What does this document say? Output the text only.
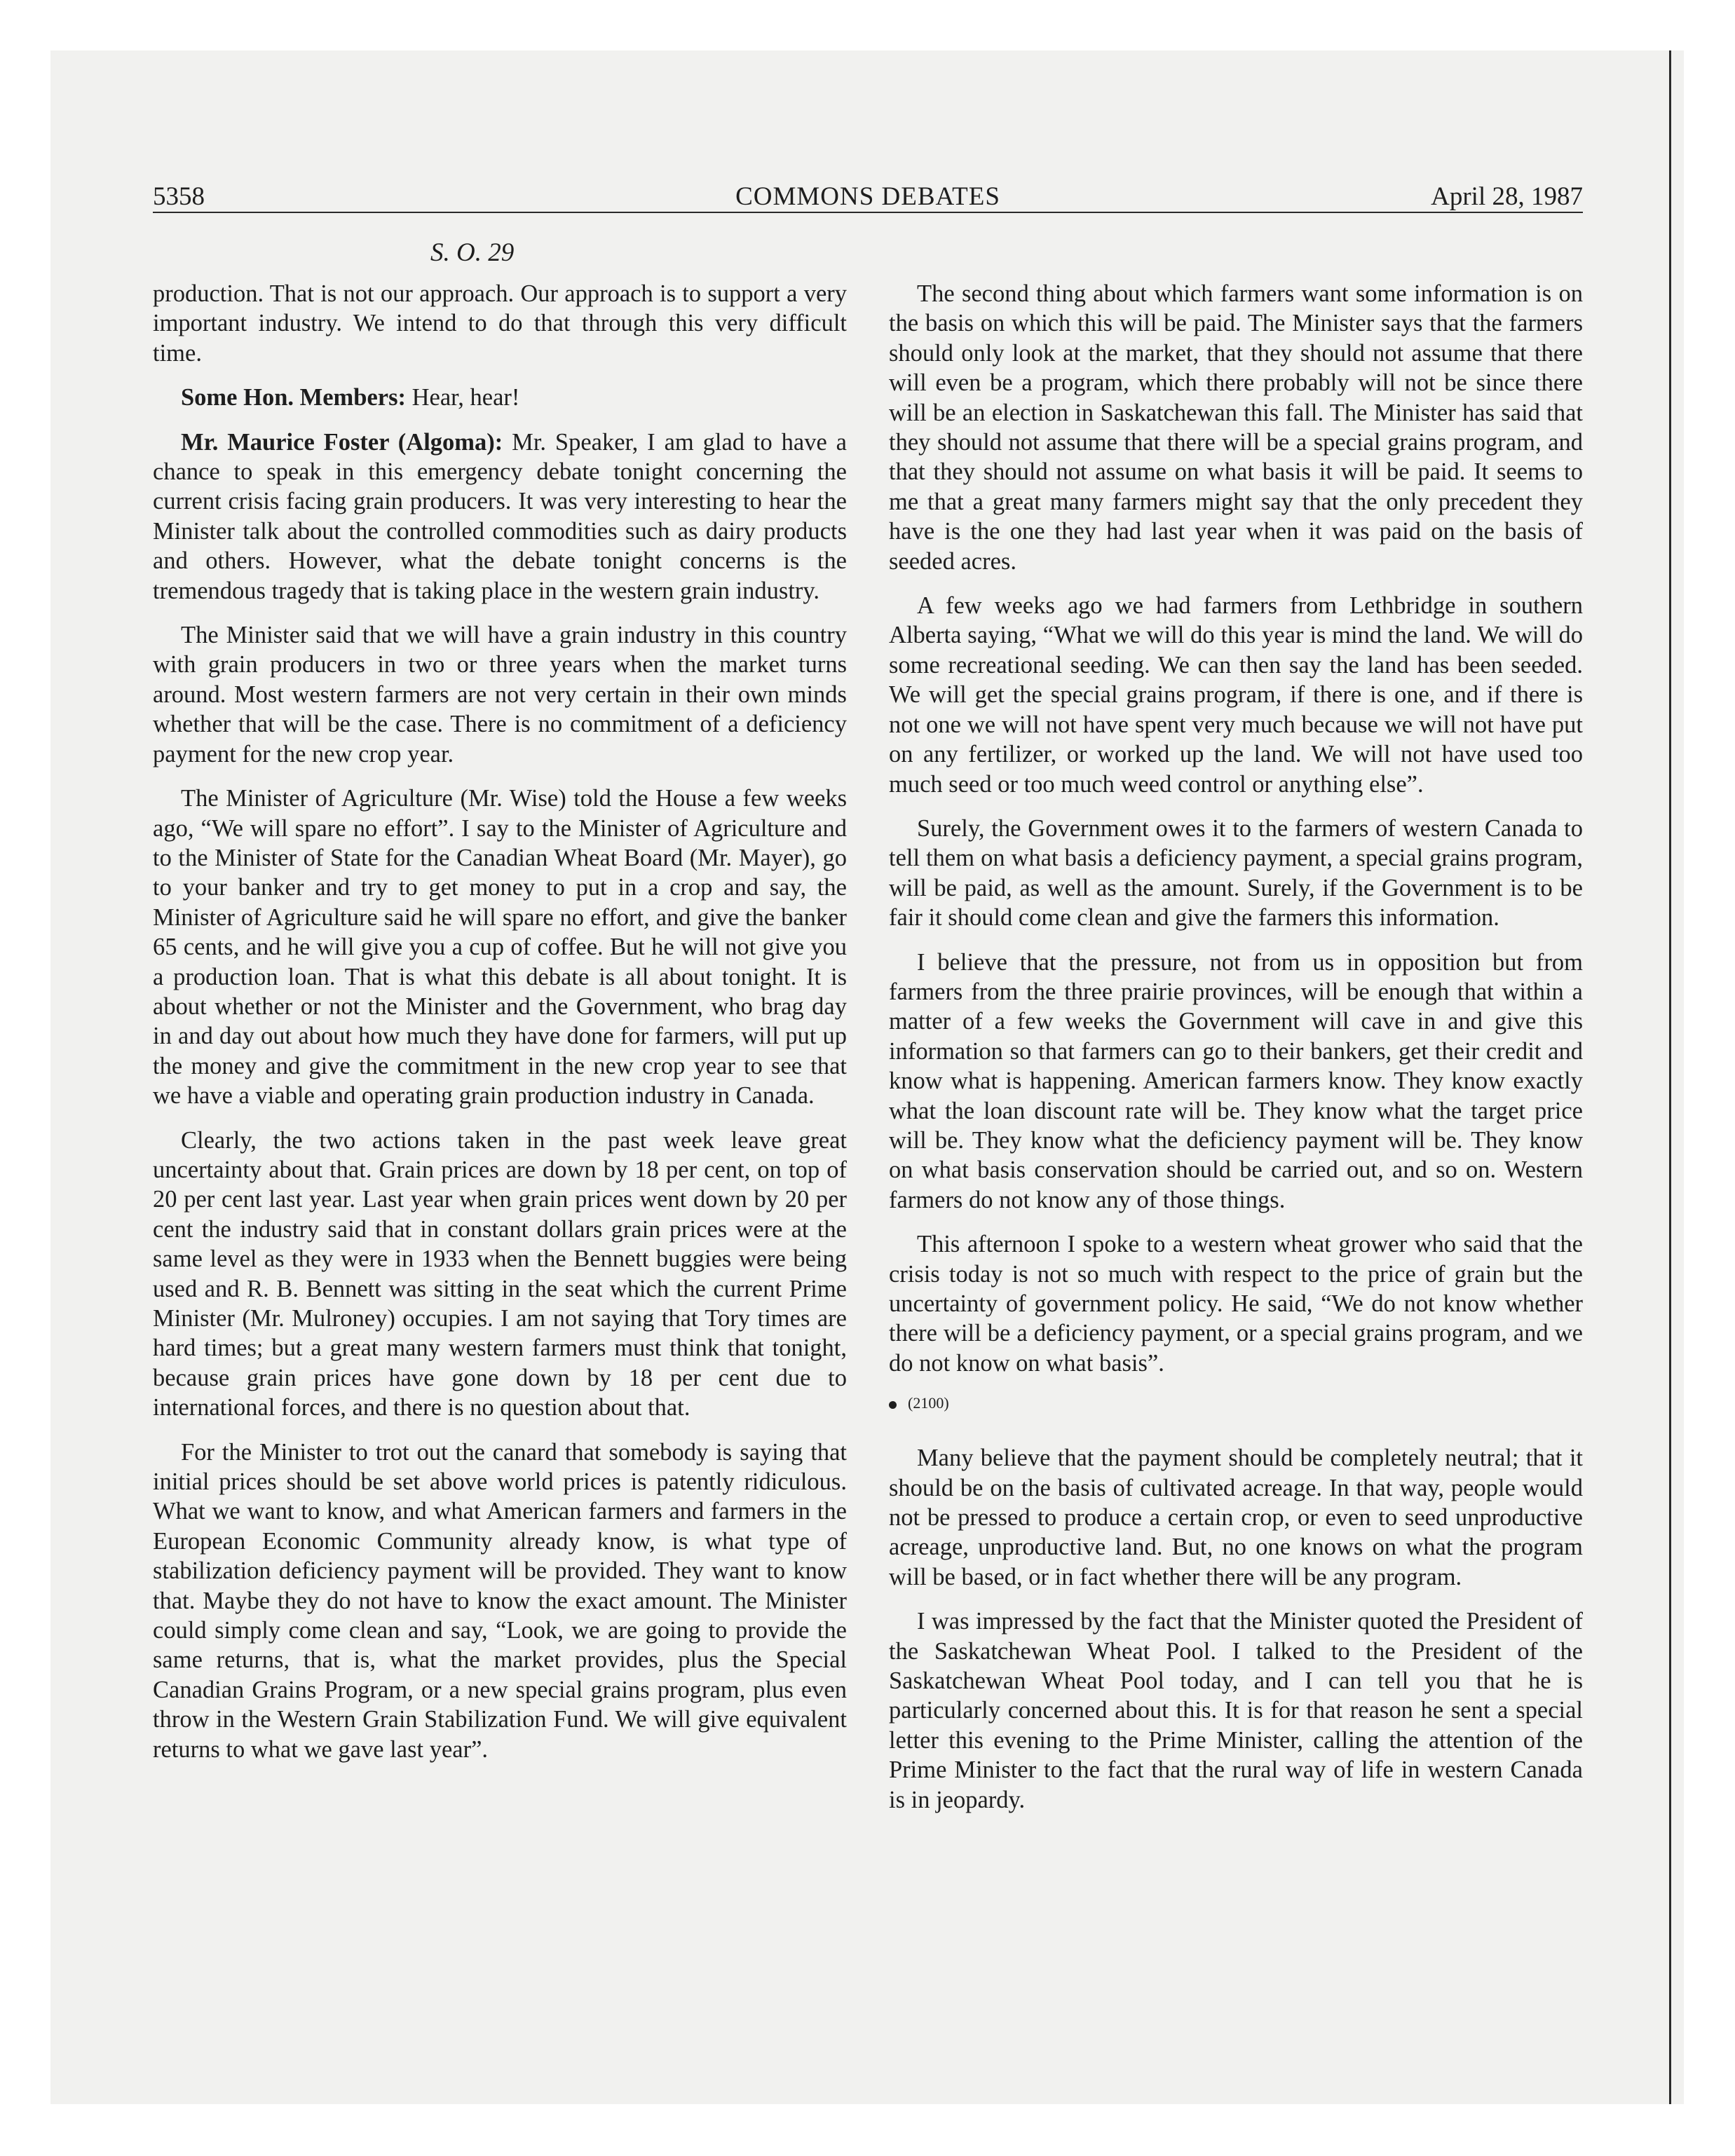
5358	COMMONS DEBATES	April 28, 1987
S. O. 29

production. That is not our approach. Our approach is to support a very important industry. We intend to do that through this very difficult time.

Some Hon. Members: Hear, hear!

Mr. Maurice Foster (Algoma): Mr. Speaker, I am glad to have a chance to speak in this emergency debate tonight concerning the current crisis facing grain producers. It was very interesting to hear the Minister talk about the controlled commodities such as dairy products and others. However, what the debate tonight concerns is the tremendous tragedy that is taking place in the western grain industry.

The Minister said that we will have a grain industry in this country with grain producers in two or three years when the market turns around. Most western farmers are not very certain in their own minds whether that will be the case. There is no commitment of a deficiency payment for the new crop year.

The Minister of Agriculture (Mr. Wise) told the House a few weeks ago, “We will spare no effort”. I say to the Minister of Agriculture and to the Minister of State for the Canadian Wheat Board (Mr. Mayer), go to your banker and try to get money to put in a crop and say, the Minister of Agriculture said he will spare no effort, and give the banker 65 cents, and he will give you a cup of coffee. But he will not give you a production loan. That is what this debate is all about tonight. It is about whether or not the Minister and the Government, who brag day in and day out about how much they have done for farmers, will put up the money and give the commitment in the new crop year to see that we have a viable and operating grain production industry in Canada.

Clearly, the two actions taken in the past week leave great uncertainty about that. Grain prices are down by 18 per cent, on top of 20 per cent last year. Last year when grain prices went down by 20 per cent the industry said that in constant dollars grain prices were at the same level as they were in 1933 when the Bennett buggies were being used and R. B. Bennett was sitting in the seat which the current Prime Minister (Mr. Mulroney) occupies. I am not saying that Tory times are hard times; but a great many western farmers must think that tonight, because grain prices have gone down by 18 per cent due to international forces, and there is no question about that.

For the Minister to trot out the canard that somebody is saying that initial prices should be set above world prices is patently ridiculous. What we want to know, and what American farmers and farmers in the European Economic Community already know, is what type of stabilization deficiency payment will be provided. They want to know that. Maybe they do not have to know the exact amount. The Minister could simply come clean and say, “Look, we are going to provide the same returns, that is, what the market provides, plus the Special Canadian Grains Program, or a new special grains program, plus even throw in the Western Grain Stabilization Fund. We will give equivalent returns to what we gave last year”.

The second thing about which farmers want some information is on the basis on which this will be paid. The Minister says that the farmers should only look at the market, that they should not assume that there will even be a program, which there probably will not be since there will be an election in Saskatchewan this fall. The Minister has said that they should not assume that there will be a special grains program, and that they should not assume on what basis it will be paid. It seems to me that a great many farmers might say that the only precedent they have is the one they had last year when it was paid on the basis of seeded acres.

A few weeks ago we had farmers from Lethbridge in southern Alberta saying, “What we will do this year is mind the land. We will do some recreational seeding. We can then say the land has been seeded. We will get the special grains program, if there is one, and if there is not one we will not have spent very much because we will not have put on any fertilizer, or worked up the land. We will not have used too much seed or too much weed control or anything else”.

Surely, the Government owes it to the farmers of western Canada to tell them on what basis a deficiency payment, a special grains program, will be paid, as well as the amount. Surely, if the Government is to be fair it should come clean and give the farmers this information.

I believe that the pressure, not from us in opposition but from farmers from the three prairie provinces, will be enough that within a matter of a few weeks the Government will cave in and give this information so that farmers can go to their bankers, get their credit and know what is happening. American farmers know. They know exactly what the loan discount rate will be. They know what the target price will be. They know what the deficiency payment will be. They know on what basis conservation should be carried out, and so on. Western farmers do not know any of those things.

This afternoon I spoke to a western wheat grower who said that the crisis today is not so much with respect to the price of grain but the uncertainty of government policy. He said, “We do not know whether there will be a deficiency payment, or a special grains program, and we do not know on what basis”.

(2100)

Many believe that the payment should be completely neutral; that it should be on the basis of cultivated acreage. In that way, people would not be pressed to produce a certain crop, or even to seed unproductive acreage, unproductive land. But, no one knows on what the program will be based, or in fact whether there will be any program.

I was impressed by the fact that the Minister quoted the President of the Saskatchewan Wheat Pool. I talked to the President of the Saskatchewan Wheat Pool today, and I can tell you that he is particularly concerned about this. It is for that reason he sent a special letter this evening to the Prime Minister, calling the attention of the Prime Minister to the fact that the rural way of life in western Canada is in jeopardy.
